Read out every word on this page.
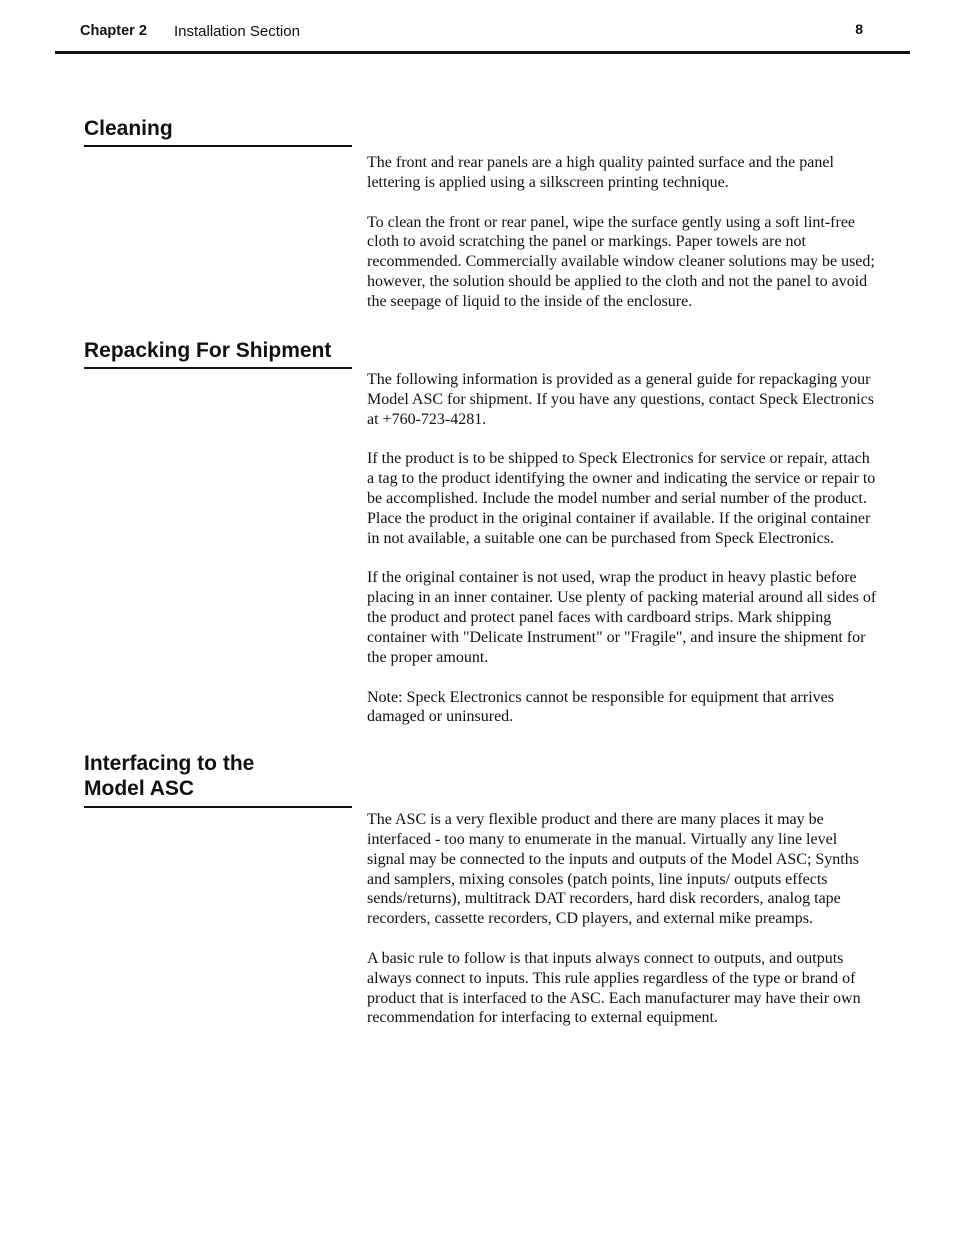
Chapter 2 Installation Section	8
Cleaning

The front and rear panels are a high quality painted surface and the panel lettering is applied using a silkscreen printing technique.

To clean the front or rear panel, wipe the surface gently using a soft lint-free cloth to avoid scratching the panel or markings. Paper towels are not recommended. Commercially available window cleaner solutions may be used; however, the solution should be applied to the cloth and not the panel to avoid the seepage of liquid to the inside of the enclosure.

Repacking For Shipment

The following information is provided as a general guide for repackaging your Model ASC for shipment. If you have any questions, contact Speck Electronics at +760-723-4281.

If the product is to be shipped to Speck Electronics for service or repair, attach a tag to the product identifying the owner and indicating the service or repair to be accomplished. Include the model number and serial number of the product. Place the product in the original container if available. If the original container in not available, a suitable one can be purchased from Speck Electronics.

If the original container is not used, wrap the product in heavy plastic before placing in an inner container. Use plenty of packing material around all sides of the product and protect panel faces with cardboard strips. Mark shipping container with "Delicate Instrument" or "Fragile", and insure the shipment for the proper amount.

Note: Speck Electronics cannot be responsible for equipment that arrives damaged or uninsured.

Interfacing to the
Model ASC

The ASC is a very flexible product and there are many places it may be interfaced - too many to enumerate in the manual. Virtually any line level signal may be connected to the inputs and outputs of the Model ASC; Synths and samplers, mixing consoles (patch points, line inputs/ outputs effects sends/returns), multitrack DAT recorders, hard disk recorders, analog tape recorders, cassette recorders, CD players, and external mike preamps.

A basic rule to follow is that inputs always connect to outputs, and outputs always connect to inputs. This rule applies regardless of the type or brand of product that is interfaced to the ASC. Each manufacturer may have their own recommendation for interfacing to external equipment.
